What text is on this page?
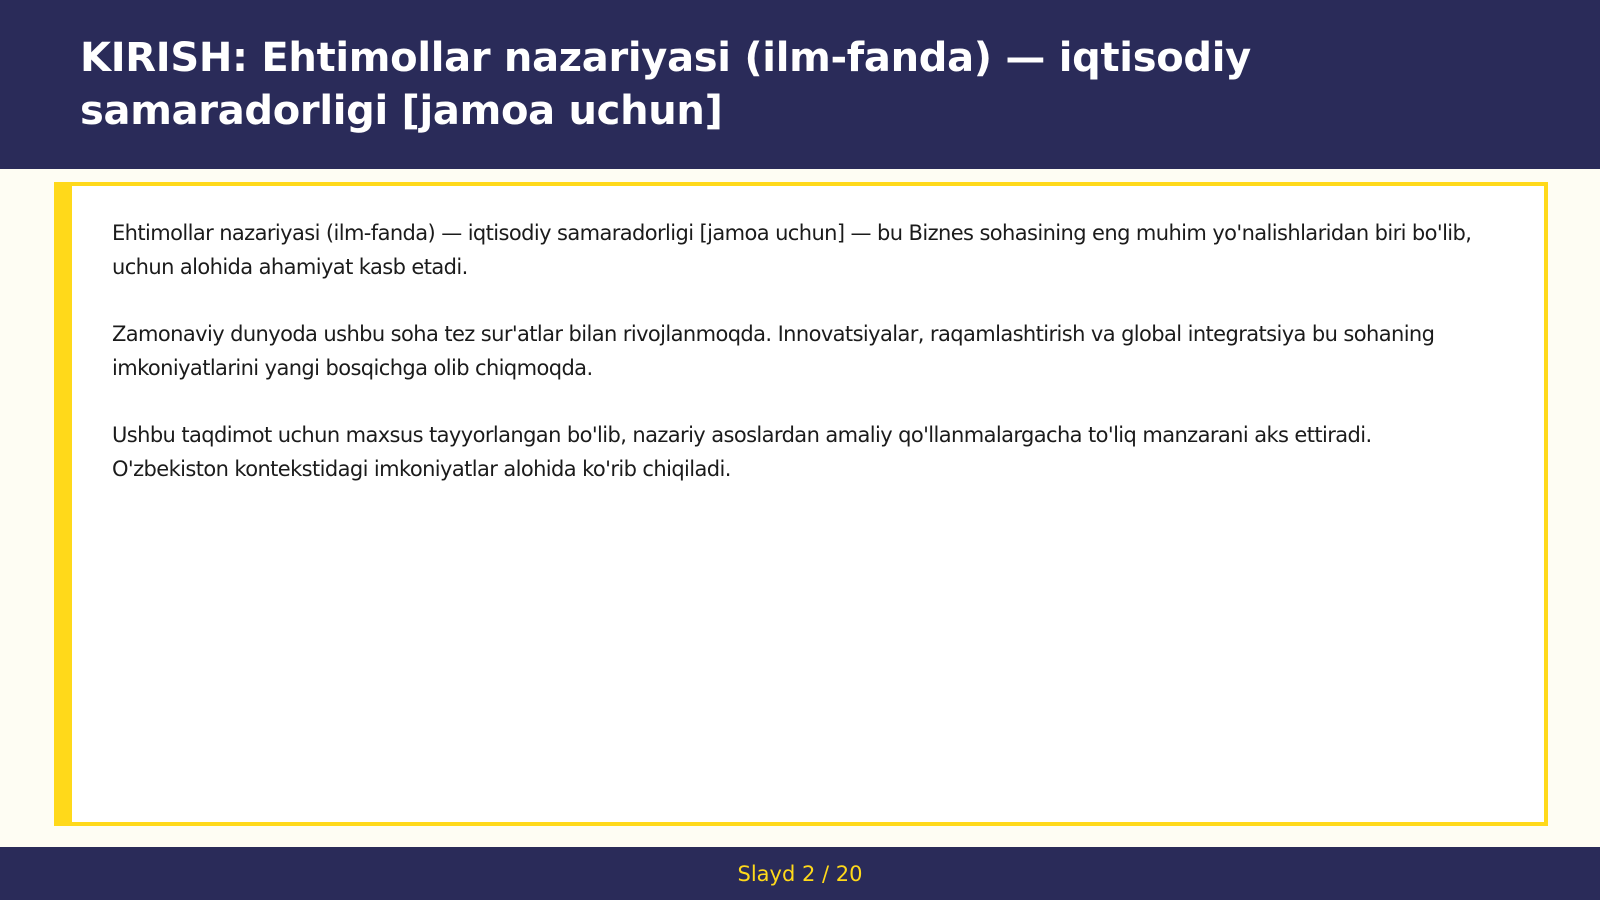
KIRISH: Ehtimollar nazariyasi (ilm-fanda) — iqtisodiy samaradorligi [jamoa uchun]

Ehtimollar nazariyasi (ilm-fanda) — iqtisodiy samaradorligi [jamoa uchun] — bu Biznes sohasining eng muhim yo'nalishlaridan biri bo'lib, uchun alohida ahamiyat kasb etadi.

Zamonaviy dunyoda ushbu soha tez sur'atlar bilan rivojlanmoqda. Innovatsiyalar, raqamlashtirish va global integratsiya bu sohaning imkoniyatlarini yangi bosqichga olib chiqmoqda.

Ushbu taqdimot uchun maxsus tayyorlangan bo'lib, nazariy asoslardan amaliy qo'llanmalargacha to'liq manzarani aks ettiradi. O'zbekiston kontekstidagi imkoniyatlar alohida ko'rib chiqiladi.

Slayd 2 / 20
